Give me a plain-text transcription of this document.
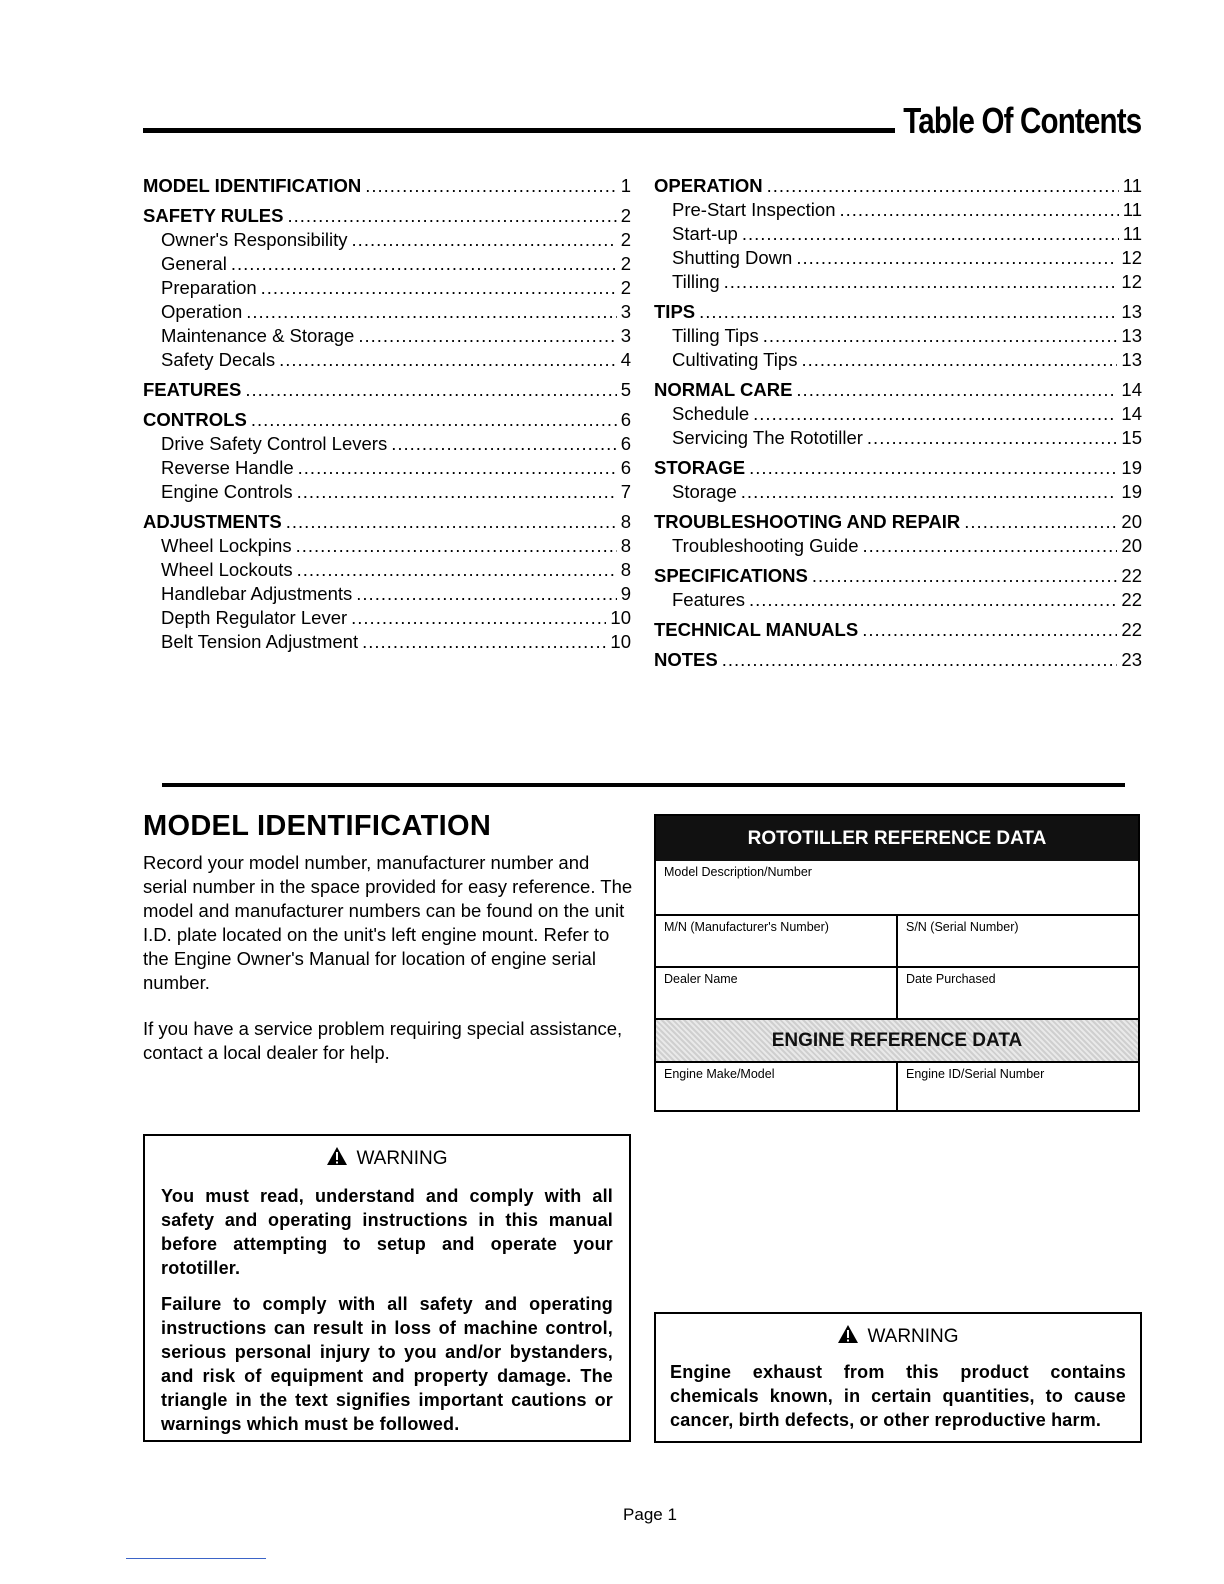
Table Of Contents
MODEL IDENTIFICATION .....	1
SAFETY RULES .....	2
Owner's Responsibility .....	2
General .....	2
Preparation .....	2
Operation .....	3
Maintenance & Storage .....	3
Safety Decals .....	4
FEATURES .....	5
CONTROLS .....	6
Drive Safety Control Levers .....	6
Reverse Handle .....	6
Engine Controls .....	7
ADJUSTMENTS .....	8
Wheel Lockpins .....	8
Wheel Lockouts .....	8
Handlebar Adjustments .....	9
Depth Regulator Lever .....	10
Belt Tension Adjustment .....	10
OPERATION .....	11
Pre-Start Inspection .....	11
Start-up .....	11
Shutting Down .....	12
Tilling .....	12
TIPS .....	13
Tilling Tips .....	13
Cultivating Tips .....	13
NORMAL CARE .....	14
Schedule .....	14
Servicing The Rototiller .....	15
STORAGE .....	19
Storage .....	19
TROUBLESHOOTING AND REPAIR .....	20
Troubleshooting Guide .....	20
SPECIFICATIONS .....	22
Features .....	22
TECHNICAL MANUALS .....	22
NOTES .....	23
MODEL IDENTIFICATION
Record your model number, manufacturer number and serial number in the space provided for easy reference. The model and manufacturer numbers can be found on the unit I.D. plate located on the unit's left engine mount. Refer to the Engine Owner's Manual for location of engine serial number.
If you have a service problem requiring special assistance, contact a local dealer for help.
ROTOTILLER REFERENCE DATA
Model Description/Number
M/N (Manufacturer's Number)	S/N (Serial Number)
Dealer Name	Date Purchased
ENGINE REFERENCE DATA
Engine Make/Model	Engine ID/Serial Number
WARNING
You must read, understand and comply with all safety and operating instructions in this manual before attempting to setup and operate your rototiller.
Failure to comply with all safety and operating instructions can result in loss of machine control, serious personal injury to you and/or bystanders, and risk of equipment and property damage. The triangle in the text signifies important cautions or warnings which must be followed.
WARNING
Engine exhaust from this product contains chemicals known, in certain quantities, to cause cancer, birth defects, or other reproductive harm.
Page 1
